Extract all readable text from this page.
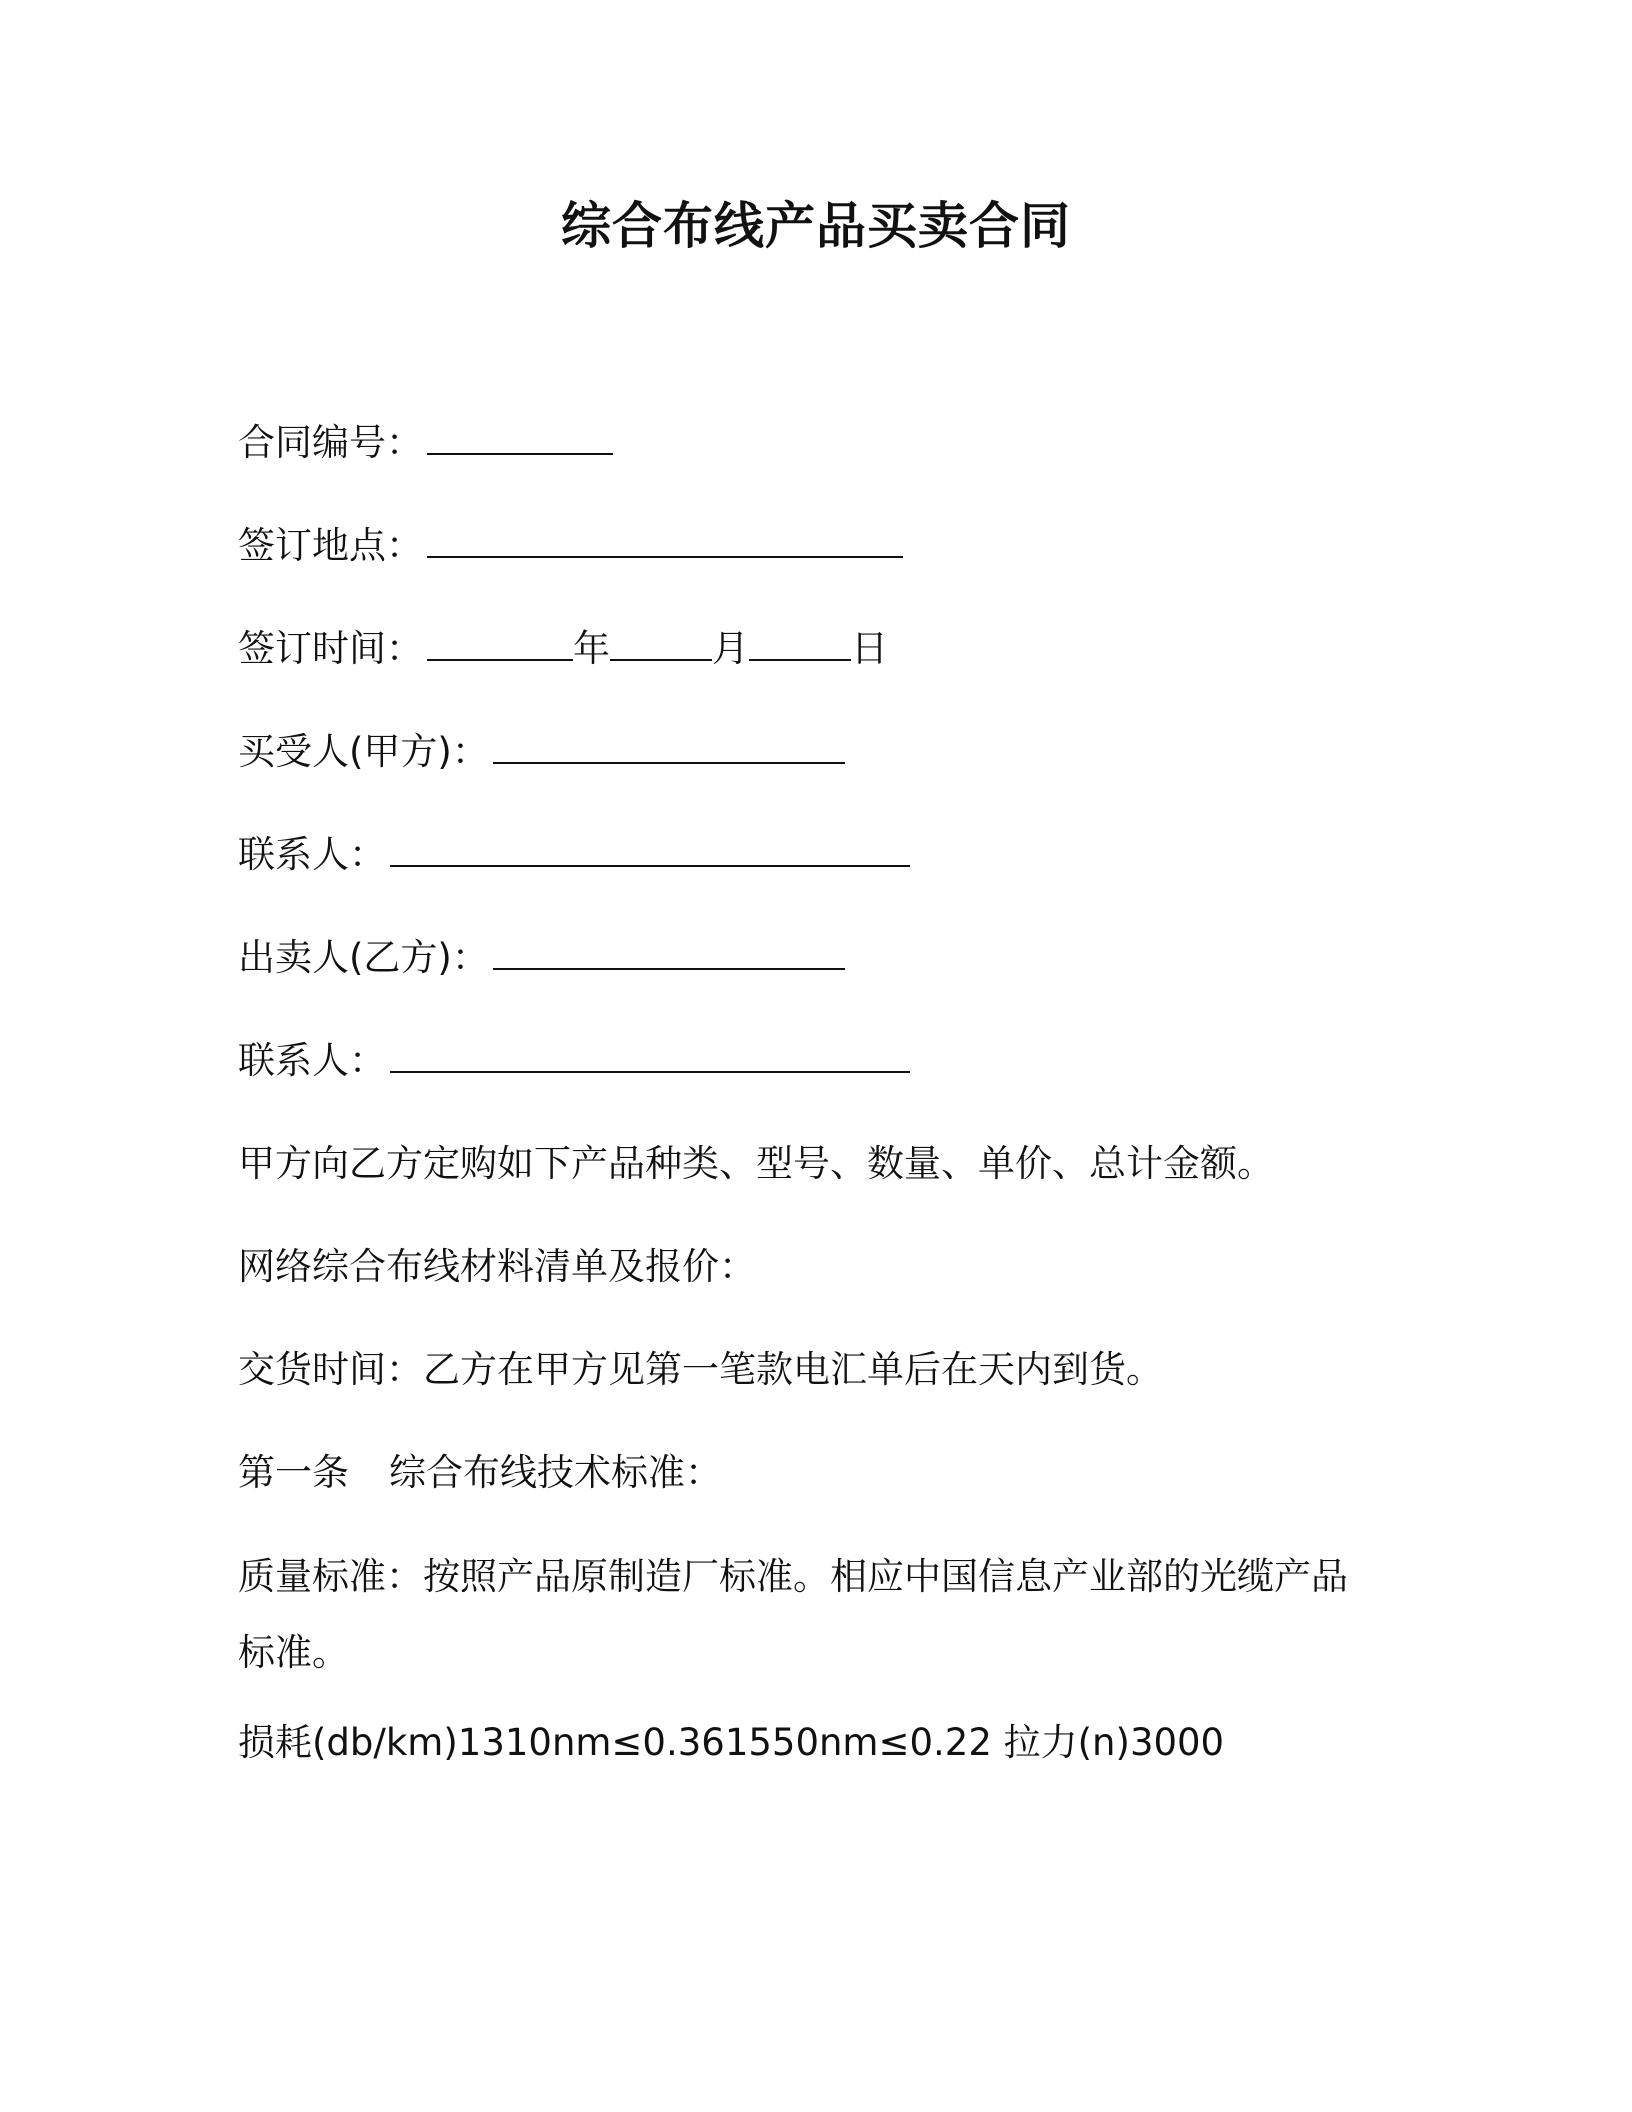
综合布线产品买卖合同
合同编号：
签订地点：
签订时间：	年	月	日
买受人(甲方)：
联系人：
出卖人(乙方)：
联系人：
甲方向乙方定购如下产品种类、型号、数量、单价、总计金额。
网络综合布线材料清单及报价：
交货时间：乙方在甲方见第一笔款电汇单后在天内到货。
第一条 综合布线技术标准：
质量标准：按照产品原制造厂标准。相应中国信息产业部的光缆产品标准。
损耗(db/km)1310nm≤0.361550nm≤0.22 拉力(n)3000
